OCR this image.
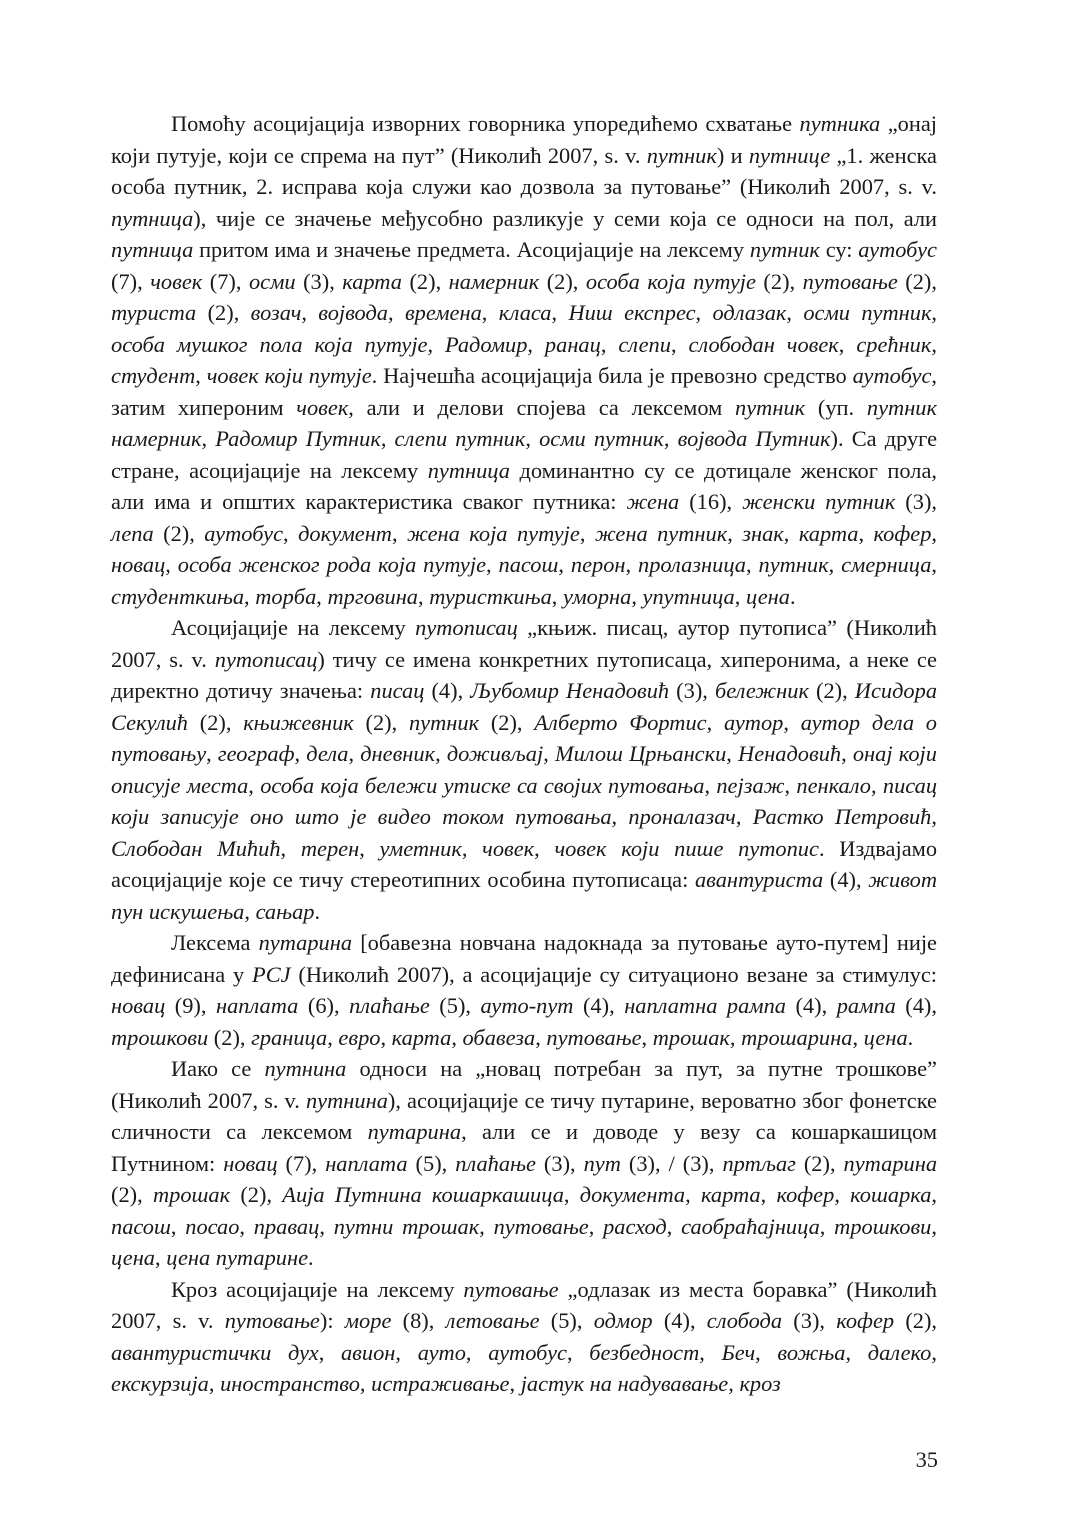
Помоћу асоцијација изворних говорника упоредићемо схватање путника „онај који путује, који се спрема на пут” (Николић 2007, s. v. путник) и путнице „1. женска особа путник, 2. исправа која служи као дозвола за путовање” (Николић 2007, s. v. путница), чије се значење међусобно разликује у семи која се односи на пол, али путница притом има и значење предмета. Асоцијације на лексему путник су: аутобус (7), човек (7), осми (3), карта (2), намерник (2), особа која путује (2), путовање (2), туриста (2), возач, војвода, времена, класа, Ниш експрес, одлазак, осми путник, особа мушког пола која путује, Радомир, ранац, слепи, слободан човек, срећник, студент, човек који путује. Најчешћа асоцијација била је превозно средство аутобус, затим хипероним човек, али и делови спојева са лексемом путник (уп. путник намерник, Радомир Путник, слепи путник, осми путник, војвода Путник). Са друге стране, асоцијације на лексему путница доминантно су се дотицале женског пола, али има и општих карактеристика сваког путника: жена (16), женски путник (3), лепа (2), аутобус, документ, жена која путује, жена путник, знак, карта, кофер, новац, особа женског рода која путује, пасош, перон, пролазница, путник, смерница, студенткиња, торба, трговина, туристкиња, уморна, упутница, цена.

Асоцијације на лексему путописац „књиж. писац, аутор путописа” (Николић 2007, s. v. путописац) тичу се имена конкретних путописаца, хиперонима, а неке се директно дотичу значења: писац (4), Љубомир Ненадовић (3), бележник (2), Исидора Секулић (2), књижевник (2), путник (2), Алберто Фортис, аутор, аутор дела о путовању, географ, дела, дневник, доживљај, Милош Црњански, Ненадовић, онај који описује места, особа која бележи утиске са својих путовања, пејзаж, пенкало, писац који записује оно што је видео током путовања, проналазач, Растко Петровић, Слободан Мићић, терен, уметник, човек, човек који пише путопис. Издвајамо асоцијације које се тичу стереотипних особина путописаца: авантуриста (4), живот пун искушења, сањар.

Лексема путарина [обавезна новчана надокнада за путовање ауто-путем] није дефинисана у РСЈ (Николић 2007), а асоцијације су ситуационо везане за стимулус: новац (9), наплата (6), плаћање (5), ауто-пут (4), наплатна рампа (4), рампа (4), трошкови (2), граница, евро, карта, обавеза, путовање, трошак, трошарина, цена.

Иако се путнина односи на „новац потребан за пут, за путне трошкове” (Николић 2007, s. v. путнина), асоцијације се тичу путарине, вероватно због фонетске сличности са лексемом путарина, али се и доводе у везу са кошаркашицом Путнином: новац (7), наплата (5), плаћање (3), пут (3), / (3), пртљаг (2), путарина (2), трошак (2), Аија Путнина кошаркашица, документа, карта, кофер, кошарка, пасош, посао, правац, путни трошак, путовање, расход, саобраћајница, трошкови, цена, цена путарине.

Кроз асоцијације на лексему путовање „одлазак из места боравка” (Николић 2007, s. v. путовање): море (8), летовање (5), одмор (4), слобода (3), кофер (2), авантуристички дух, авион, ауто, аутобус, безбедност, Беч, вожња, далеко, екскурзија, иностранство, истраживање, јастук на надувавање, кроз

35
